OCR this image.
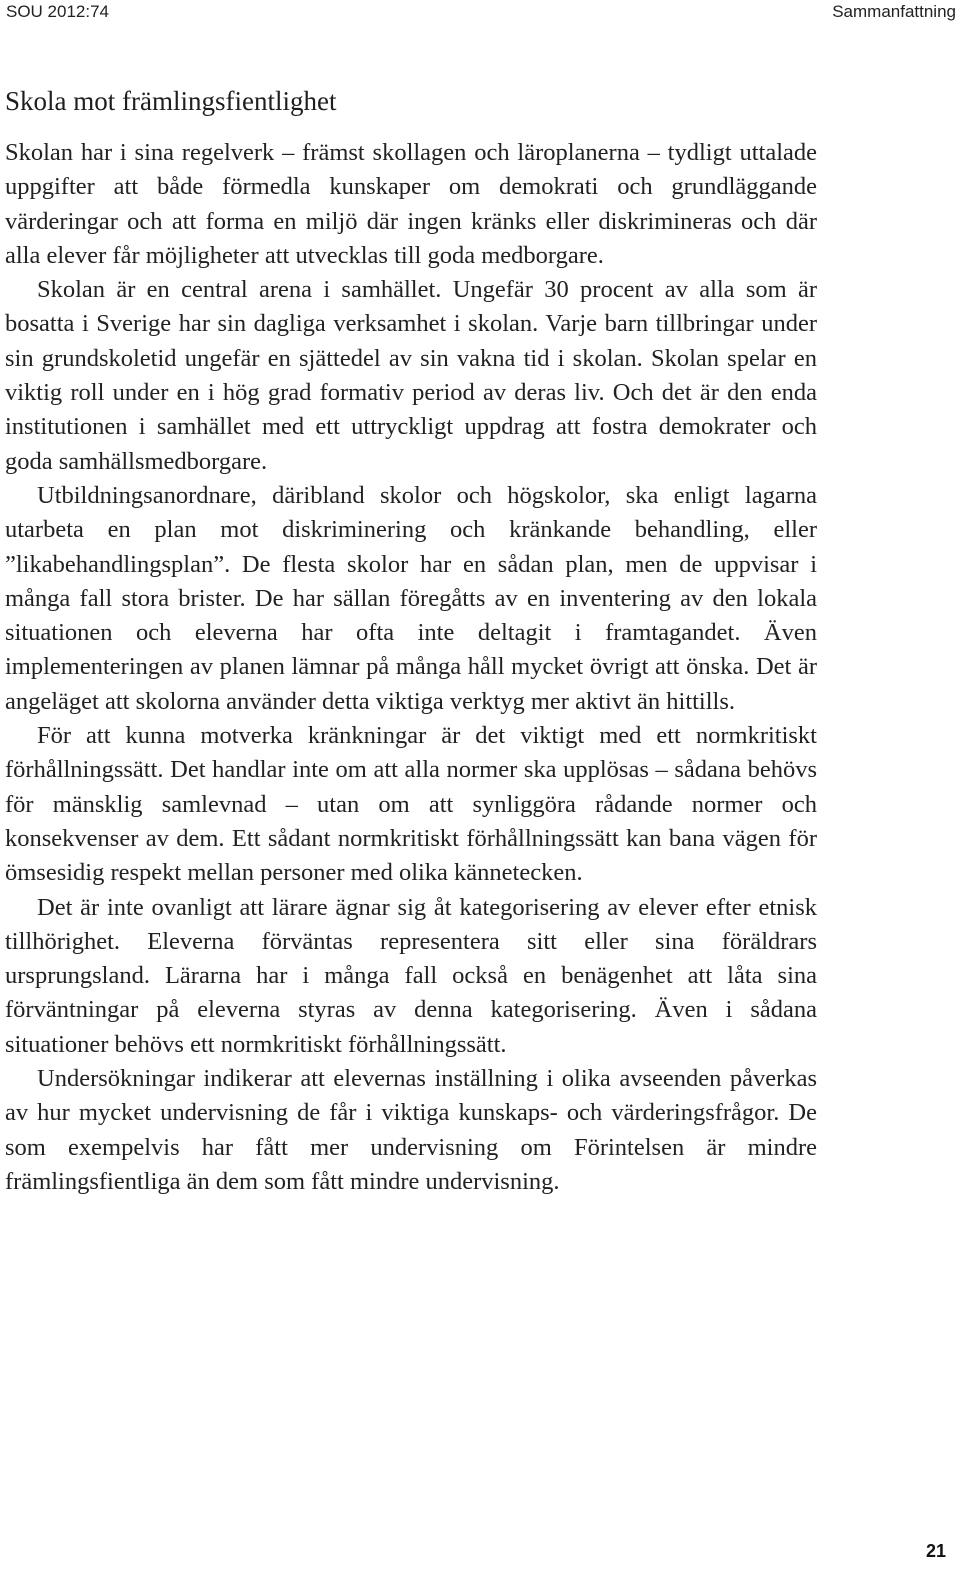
SOU 2012:74	Sammanfattning
Skola mot främlingsfientlighet

Skolan har i sina regelverk – främst skollagen och läroplanerna – tydligt uttalade uppgifter att både förmedla kunskaper om demokrati och grundläggande värderingar och att forma en miljö där ingen kränks eller diskrimineras och där alla elever får möjligheter att utvecklas till goda medborgare.

Skolan är en central arena i samhället. Ungefär 30 procent av alla som är bosatta i Sverige har sin dagliga verksamhet i skolan. Varje barn tillbringar under sin grundskoletid ungefär en sjättedel av sin vakna tid i skolan. Skolan spelar en viktig roll under en i hög grad formativ period av deras liv. Och det är den enda institutionen i samhället med ett uttryckligt uppdrag att fostra demokrater och goda samhällsmedborgare.

Utbildningsanordnare, däribland skolor och högskolor, ska enligt lagarna utarbeta en plan mot diskriminering och kränkande behandling, eller ”likabehandlingsplan”. De flesta skolor har en sådan plan, men de uppvisar i många fall stora brister. De har sällan föregåtts av en inventering av den lokala situationen och eleverna har ofta inte deltagit i framtagandet. Även implementeringen av planen lämnar på många håll mycket övrigt att önska. Det är angeläget att skolorna använder detta viktiga verktyg mer aktivt än hittills.

För att kunna motverka kränkningar är det viktigt med ett normkritiskt förhållningssätt. Det handlar inte om att alla normer ska upplösas – sådana behövs för mänsklig samlevnad – utan om att synliggöra rådande normer och konsekvenser av dem. Ett sådant normkritiskt förhållningssätt kan bana vägen för ömsesidig respekt mellan personer med olika kännetecken.

Det är inte ovanligt att lärare ägnar sig åt kategorisering av elever efter etnisk tillhörighet. Eleverna förväntas representera sitt eller sina föräldrars ursprungsland. Lärarna har i många fall också en benägenhet att låta sina förväntningar på eleverna styras av denna kategorisering. Även i sådana situationer behövs ett normkritiskt förhållningssätt.

Undersökningar indikerar att elevernas inställning i olika avseenden påverkas av hur mycket undervisning de får i viktiga kunskaps- och värderingsfrågor. De som exempelvis har fått mer undervisning om Förintelsen är mindre främlingsfientliga än dem som fått mindre undervisning.

21
